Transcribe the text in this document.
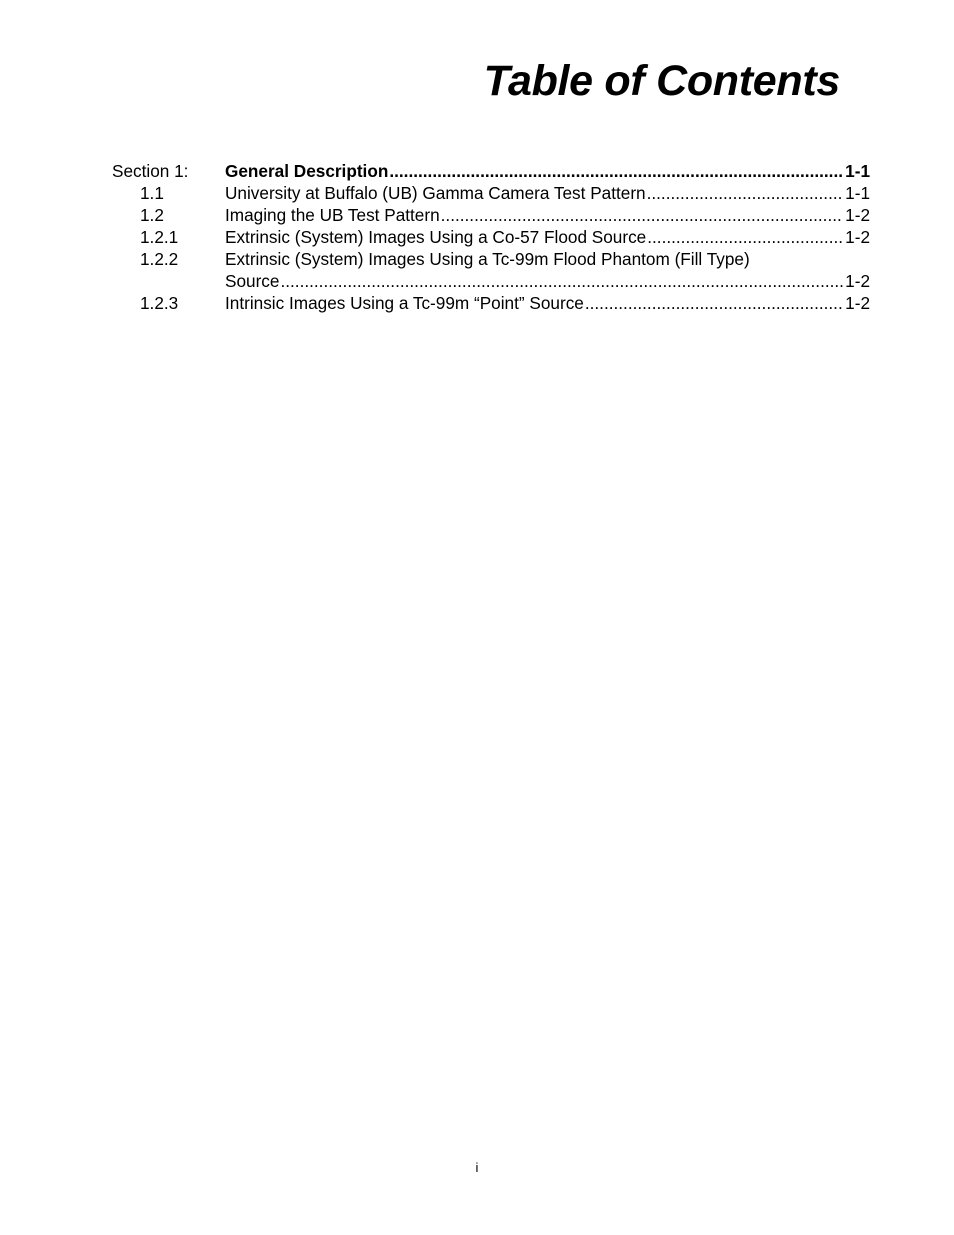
Table of Contents
Section 1:	General Description .....	1-1
1.1	University at Buffalo (UB) Gamma Camera Test Pattern .....	1-1
1.2	Imaging the UB Test Pattern .....	1-2
1.2.1	Extrinsic (System) Images Using a Co-57 Flood Source .....	1-2
1.2.2	Extrinsic (System) Images Using a Tc-99m Flood Phantom (Fill Type)
Source .....	1-2
1.2.3	Intrinsic Images Using a Tc-99m “Point” Source .....	1-2
i
